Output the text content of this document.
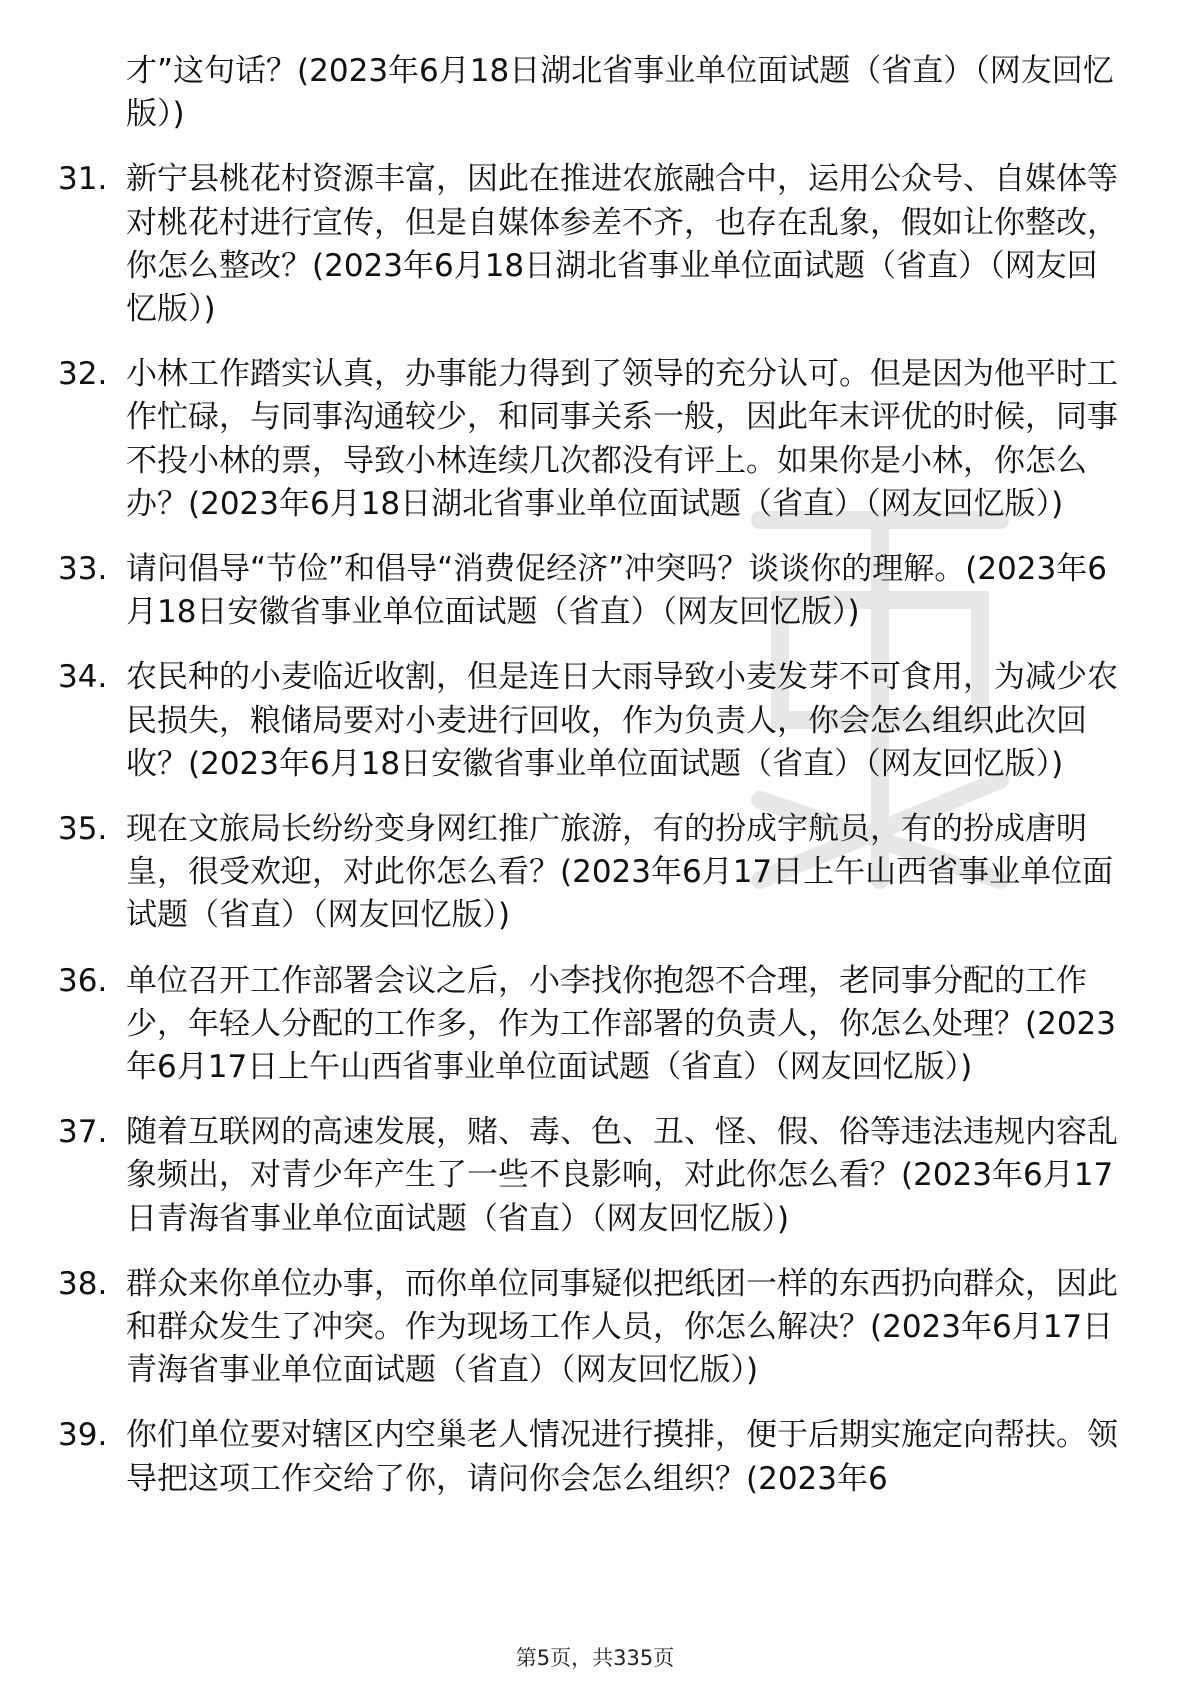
才”这句话？(2023年6月18日湖北省事业单位面试题（省直）（网友回忆版）)
31. 新宁县桃花村资源丰富，因此在推进农旅融合中，运用公众号、自媒体等对桃花村进行宣传，但是自媒体参差不齐，也存在乱象，假如让你整改，你怎么整改？(2023年6月18日湖北省事业单位面试题（省直）（网友回忆版）)
32. 小林工作踏实认真，办事能力得到了领导的充分认可。但是因为他平时工作忙碌，与同事沟通较少，和同事关系一般，因此年末评优的时候，同事不投小林的票，导致小林连续几次都没有评上。如果你是小林，你怎么办？(2023年6月18日湖北省事业单位面试题（省直）（网友回忆版）)
33. 请问倡导“节俭”和倡导“消费促经济”冲突吗？谈谈你的理解。(2023年6月18日安徽省事业单位面试题（省直）（网友回忆版）)
34. 农民种的小麦临近收割，但是连日大雨导致小麦发芽不可食用，为减少农民损失，粮储局要对小麦进行回收，作为负责人，你会怎么组织此次回收？(2023年6月18日安徽省事业单位面试题（省直）（网友回忆版）)
35. 现在文旅局长纷纷变身网红推广旅游，有的扮成宇航员，有的扮成唐明皇，很受欢迎，对此你怎么看？(2023年6月17日上午山西省事业单位面试题（省直）（网友回忆版）)
36. 单位召开工作部署会议之后，小李找你抱怨不合理，老同事分配的工作少，年轻人分配的工作多，作为工作部署的负责人，你怎么处理？(2023年6月17日上午山西省事业单位面试题（省直）（网友回忆版）)
37. 随着互联网的高速发展，赌、毒、色、丑、怪、假、俗等违法违规内容乱象频出，对青少年产生了一些不良影响，对此你怎么看？(2023年6月17日青海省事业单位面试题（省直）（网友回忆版）)
38. 群众来你单位办事，而你单位同事疑似把纸团一样的东西扔向群众，因此和群众发生了冲突。作为现场工作人员，你怎么解决？(2023年6月17日青海省事业单位面试题（省直）（网友回忆版）)
39. 你们单位要对辖区内空巢老人情况进行摸排，便于后期实施定向帮扶。领导把这项工作交给了你，请问你会怎么组织？(2023年6
第5页，共335页
